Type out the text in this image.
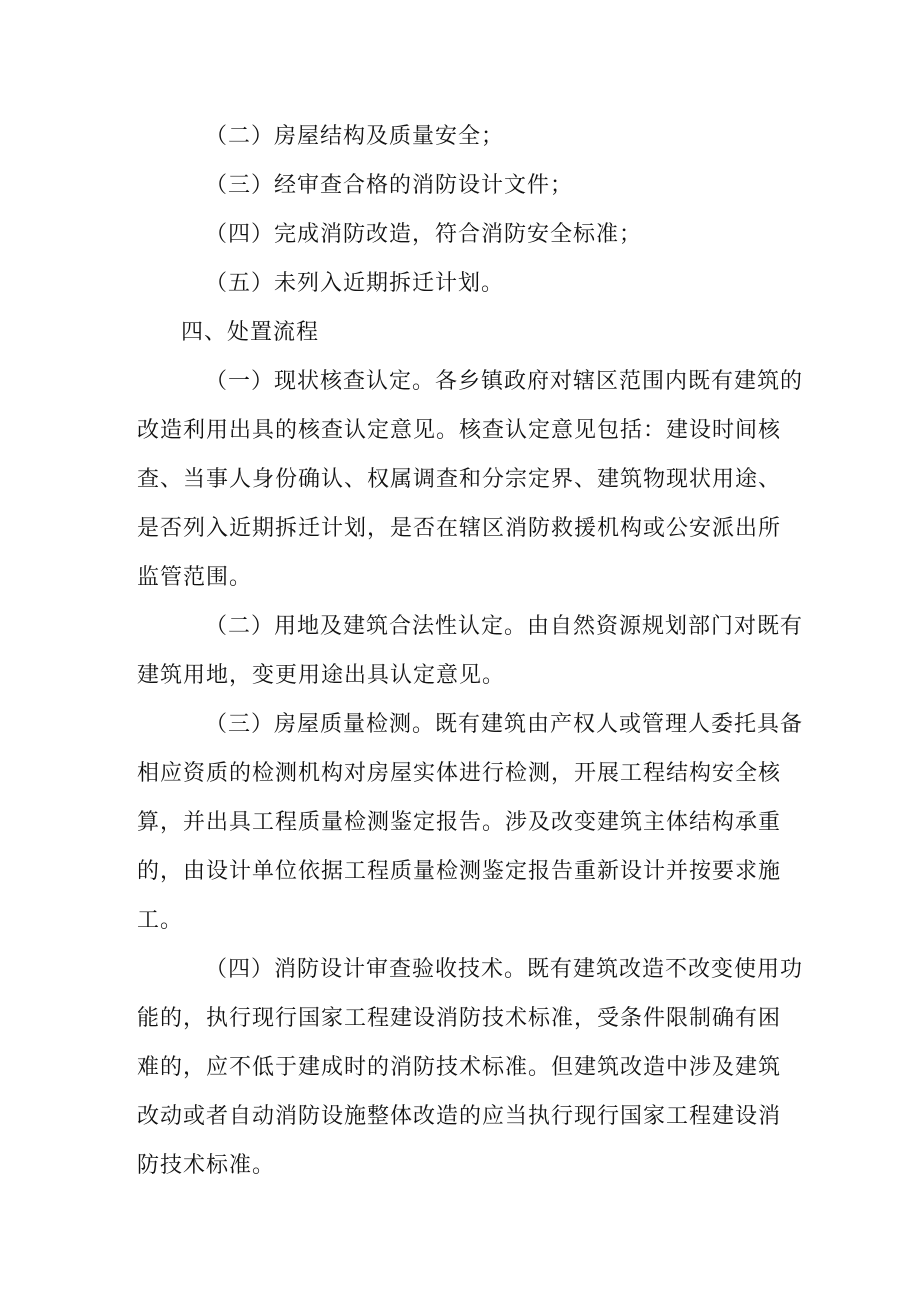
（二）房屋结构及质量安全；
（三）经审查合格的消防设计文件；
（四）完成消防改造，符合消防安全标准；
（五）未列入近期拆迁计划。
四、处置流程
（一）现状核查认定。各乡镇政府对辖区范围内既有建筑的
改造利用出具的核查认定意见。核查认定意见包括：建设时间核
查、当事人身份确认、权属调查和分宗定界、建筑物现状用途、
是否列入近期拆迁计划，是否在辖区消防救援机构或公安派出所
监管范围。
（二）用地及建筑合法性认定。由自然资源规划部门对既有
建筑用地，变更用途出具认定意见。
（三）房屋质量检测。既有建筑由产权人或管理人委托具备
相应资质的检测机构对房屋实体进行检测，开展工程结构安全核
算，并出具工程质量检测鉴定报告。涉及改变建筑主体结构承重
的，由设计单位依据工程质量检测鉴定报告重新设计并按要求施
工。
（四）消防设计审查验收技术。既有建筑改造不改变使用功
能的，执行现行国家工程建设消防技术标准，受条件限制确有困
难的，应不低于建成时的消防技术标准。但建筑改造中涉及建筑
改动或者自动消防设施整体改造的应当执行现行国家工程建设消
防技术标准。
